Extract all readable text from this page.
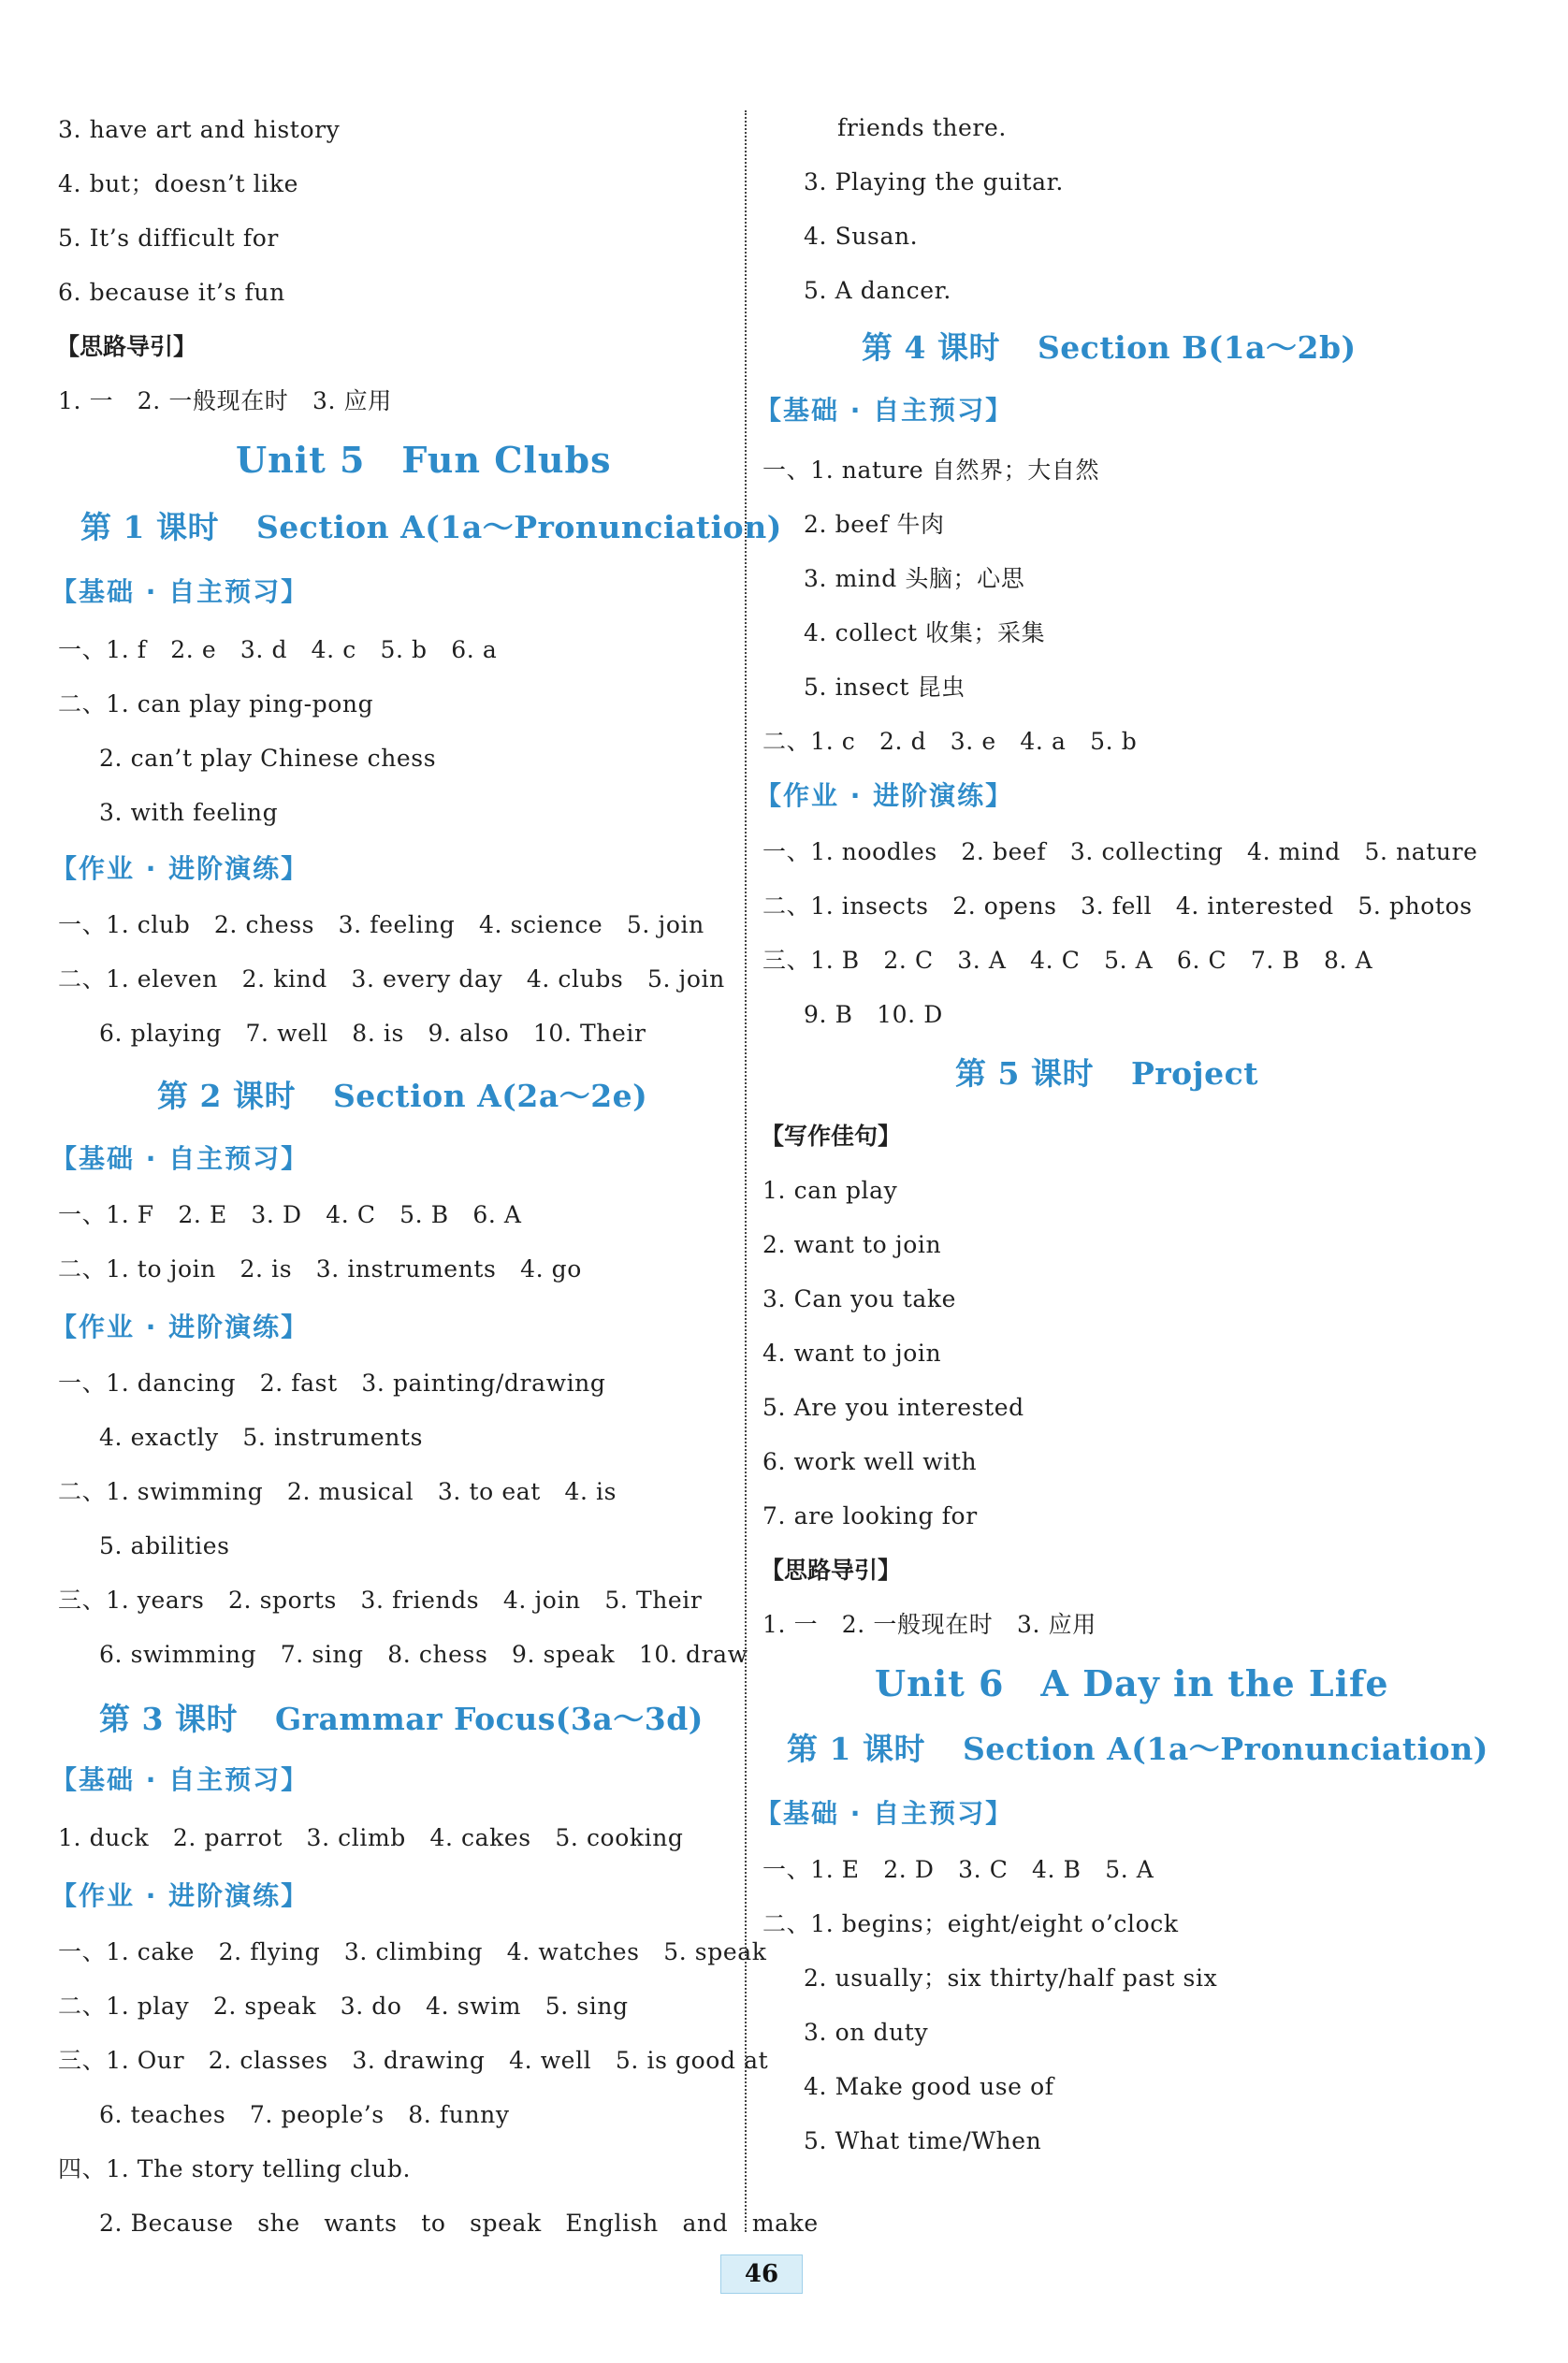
3. have art and history
4. but；doesn’t like
5. It’s difficult for
6. because it’s fun
【思路导引】
1. 一　2. 一般现在时　3. 应用
Unit 5　Fun Clubs
第 1 课时 Section A(1a～Pronunciation)
【基础 · 自主预习】
一、1. f　2. e　3. d　4. c　5. b　6. a
二、1. can play ping-pong
2. can’t play Chinese chess
3. with feeling
【作业 · 进阶演练】
一、1. club　2. chess　3. feeling　4. science　5. join
二、1. eleven　2. kind　3. every day　4. clubs　5. join
6. playing　7. well　8. is　9. also　10. Their
第 2 课时 Section A(2a～2e)
【基础 · 自主预习】
一、1. F　2. E　3. D　4. C　5. B　6. A
二、1. to join　2. is　3. instruments　4. go
【作业 · 进阶演练】
一、1. dancing　2. fast　3. painting/drawing
4. exactly　5. instruments
二、1. swimming　2. musical　3. to eat　4. is
5. abilities
三、1. years　2. sports　3. friends　4. join　5. Their
6. swimming　7. sing　8. chess　9. speak　10. draw
第 3 课时 Grammar Focus(3a～3d)
【基础 · 自主预习】
1. duck　2. parrot　3. climb　4. cakes　5. cooking
【作业 · 进阶演练】
一、1. cake　2. flying　3. climbing　4. watches　5. speak
二、1. play　2. speak　3. do　4. swim　5. sing
三、1. Our　2. classes　3. drawing　4. well　5. is good at
6. teaches　7. people’s　8. funny
四、1. The story telling club.
2. Because　she　wants　to　speak　English　and　make
friends there.
3. Playing the guitar.
4. Susan.
5. A dancer.
第 4 课时 Section B(1a～2b)
【基础 · 自主预习】
一、1. nature 自然界；大自然
2. beef 牛肉
3. mind 头脑；心思
4. collect 收集；采集
5. insect 昆虫
二、1. c　2. d　3. e　4. a　5. b
【作业 · 进阶演练】
一、1. noodles　2. beef　3. collecting　4. mind　5. nature
二、1. insects　2. opens　3. fell　4. interested　5. photos
三、1. B　2. C　3. A　4. C　5. A　6. C　7. B　8. A
9. B　10. D
第 5 课时 Project
【写作佳句】
1. can play
2. want to join
3. Can you take
4. want to join
5. Are you interested
6. work well with
7. are looking for
【思路导引】
1. 一　2. 一般现在时　3. 应用
Unit 6　A Day in the Life
第 1 课时 Section A(1a～Pronunciation)
【基础 · 自主预习】
一、1. E　2. D　3. C　4. B　5. A
二、1. begins；eight/eight o’clock
2. usually；six thirty/half past six
3. on duty
4. Make good use of
5. What time/When
46
